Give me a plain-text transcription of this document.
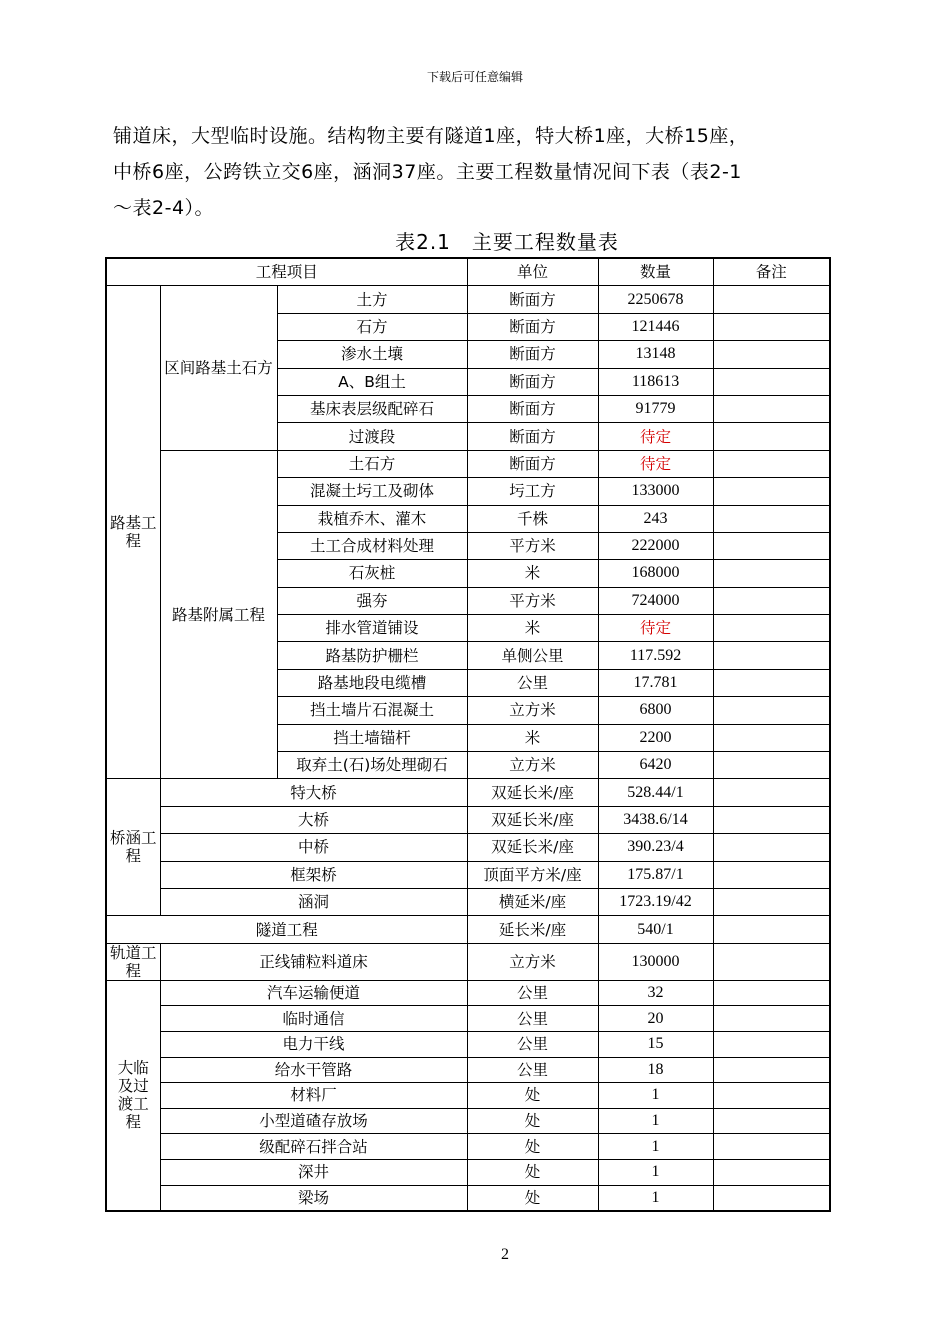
下载后可任意编辑
铺道床，大型临时设施。结构物主要有隧道1座，特大桥1座，大桥15座，
中桥6座，公跨铁立交6座，涵洞37座。主要工程数量情况间下表（表2-1
～表2-4）。
表2.1　主要工程数量表
工程项目			单位	数量	备注
路基工程	区间路基土石方	土方	断面方	2250678	
		石方	断面方	121446	
		渗水土壤	断面方	13148	
		A、B组土	断面方	118613	
		基床表层级配碎石	断面方	91779	
		过渡段	断面方	待定	
	路基附属工程	土石方	断面方	待定	
		混凝土圬工及砌体	圬工方	133000	
		栽植乔木、灌木	千株	243	
		土工合成材料处理	平方米	222000	
		石灰桩	米	168000	
		强夯	平方米	724000	
		排水管道铺设	米	待定	
		路基防护栅栏	单侧公里	117.592	
		路基地段电缆槽	公里	17.781	
		挡土墙片石混凝土	立方米	6800	
		挡土墙锚杆	米	2200	
		取弃土(石)场处理砌石	立方米	6420	
桥涵工程	特大桥		双延长米/座	528.44/1	
	大桥		双延长米/座	3438.6/14	
	中桥		双延长米/座	390.23/4	
	框架桥		顶面平方米/座	175.87/1	
	涵洞		横延米/座	1723.19/42	
隧道工程			延长米/座	540/1	
轨道工程	正线铺粒料道床		立方米	130000	
大临及过渡工程	汽车运输便道		公里	32	
	临时通信		公里	20	
	电力干线		公里	15	
	给水干管路		公里	18	
	材料厂		处	1	
	小型道碴存放场		处	1	
	级配碎石拌合站		处	1	
	深井		处	1	
	梁场		处	1	
2
